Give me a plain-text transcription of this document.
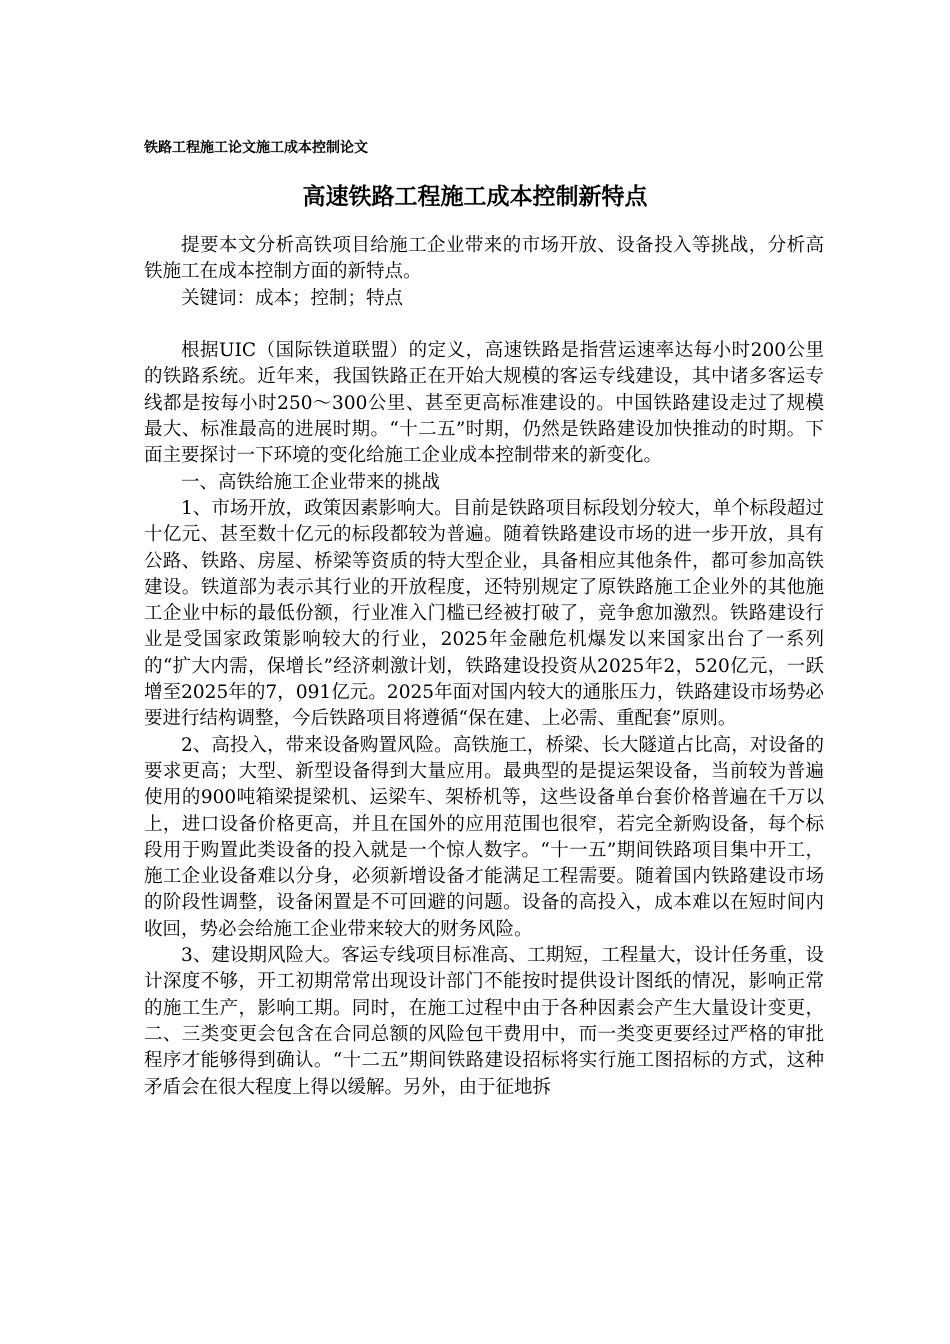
铁路工程施工论文施工成本控制论文
高速铁路工程施工成本控制新特点

提要本文分析高铁项目给施工企业带来的市场开放、设备投入等挑战，分析高铁施工在成本控制方面的新特点。

关键词：成本；控制；特点

根据UIC（国际铁道联盟）的定义，高速铁路是指营运速率达每小时200公里的铁路系统。近年来，我国铁路正在开始大规模的客运专线建设，其中诸多客运专线都是按每小时250～300公里、甚至更高标准建设的。中国铁路建设走过了规模最大、标准最高的进展时期。“十二五”时期，仍然是铁路建设加快推动的时期。下面主要探讨一下环境的变化给施工企业成本控制带来的新变化。

一、高铁给施工企业带来的挑战

1、市场开放，政策因素影响大。目前是铁路项目标段划分较大，单个标段超过十亿元、甚至数十亿元的标段都较为普遍。随着铁路建设市场的进一步开放，具有公路、铁路、房屋、桥梁等资质的特大型企业，具备相应其他条件，都可参加高铁建设。铁道部为表示其行业的开放程度，还特别规定了原铁路施工企业外的其他施工企业中标的最低份额，行业准入门槛已经被打破了，竞争愈加激烈。铁路建设行业是受国家政策影响较大的行业，2025年金融危机爆发以来国家出台了一系列的“扩大内需，保增长”经济刺激计划，铁路建设投资从2025年2，520亿元，一跃增至2025年的7，091亿元。2025年面对国内较大的通胀压力，铁路建设市场势必要进行结构调整，今后铁路项目将遵循“保在建、上必需、重配套”原则。

2、高投入，带来设备购置风险。高铁施工，桥梁、长大隧道占比高，对设备的要求更高；大型、新型设备得到大量应用。最典型的是提运架设备，当前较为普遍使用的900吨箱梁提梁机、运梁车、架桥机等，这些设备单台套价格普遍在千万以上，进口设备价格更高，并且在国外的应用范围也很窄，若完全新购设备，每个标段用于购置此类设备的投入就是一个惊人数字。“十一五”期间铁路项目集中开工，施工企业设备难以分身，必须新增设备才能满足工程需要。随着国内铁路建设市场的阶段性调整，设备闲置是不可回避的问题。设备的高投入，成本难以在短时间内收回，势必会给施工企业带来较大的财务风险。

3、建设期风险大。客运专线项目标准高、工期短，工程量大，设计任务重，设计深度不够，开工初期常常出现设计部门不能按时提供设计图纸的情况，影响正常的施工生产，影响工期。同时，在施工过程中由于各种因素会产生大量设计变更，二、三类变更会包含在合同总额的风险包干费用中，而一类变更要经过严格的审批程序才能够得到确认。“十二五”期间铁路建设招标将实行施工图招标的方式，这种矛盾会在很大程度上得以缓解。另外，由于征地拆
